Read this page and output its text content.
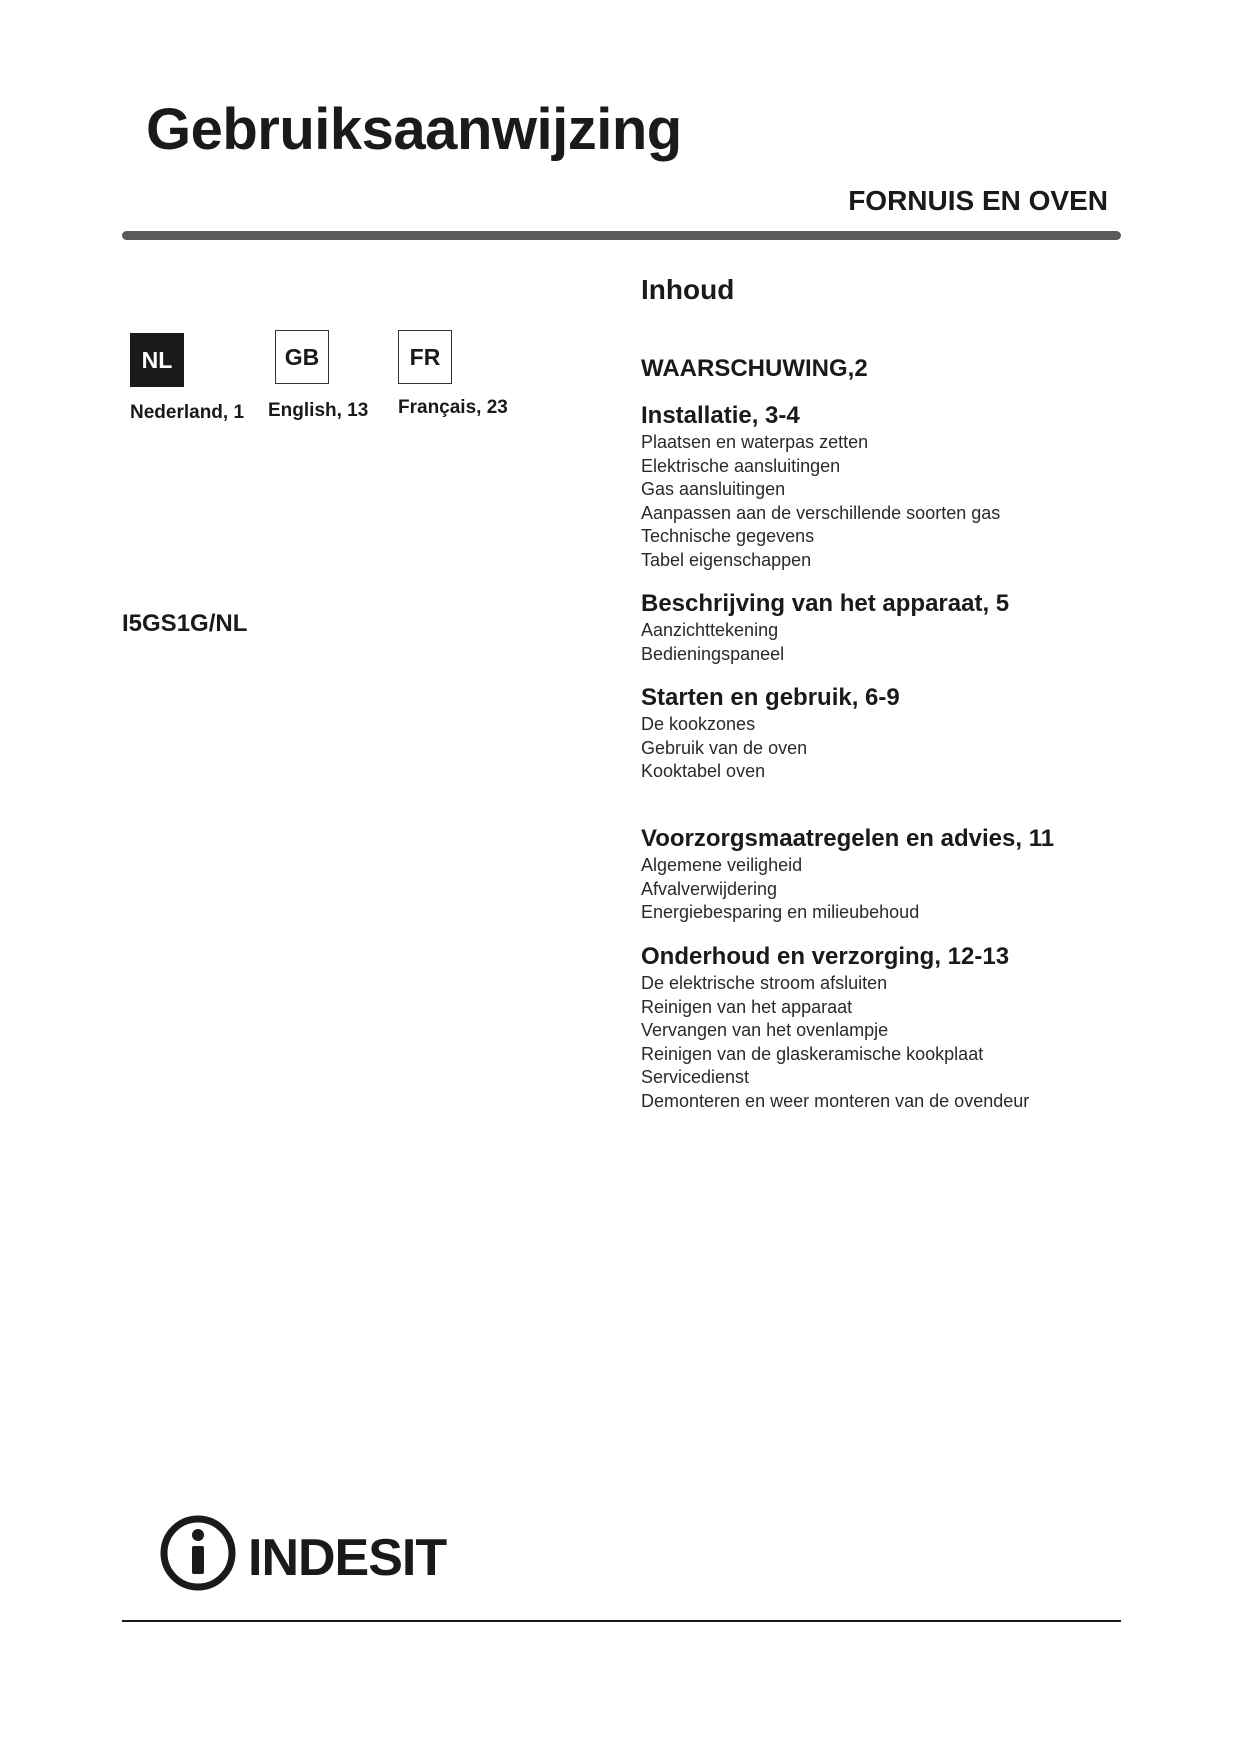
Gebruiksaanwijzing
FORNUIS EN OVEN
NL	GB	FR
Nederland, 1 English, 13 Français, 23
I5GS1G/NL
Inhoud
WAARSCHUWING,2
Installatie, 3-4
Plaatsen en waterpas zetten
Elektrische aansluitingen
Gas aansluitingen
Aanpassen aan de verschillende soorten gas
Technische gegevens
Tabel eigenschappen
Beschrijving van het apparaat, 5
Aanzichttekening
Bedieningspaneel
Starten en gebruik, 6-9
De kookzones
Gebruik van de oven
Kooktabel oven
Voorzorgsmaatregelen en advies, 11
Algemene veiligheid
Afvalverwijdering
Energiebesparing en milieubehoud
Onderhoud en verzorging, 12-13
De elektrische stroom afsluiten
Reinigen van het apparaat
Vervangen van het ovenlampje
Reinigen van de glaskeramische kookplaat
Servicedienst
Demonteren en weer monteren van de ovendeur
INDESIT
